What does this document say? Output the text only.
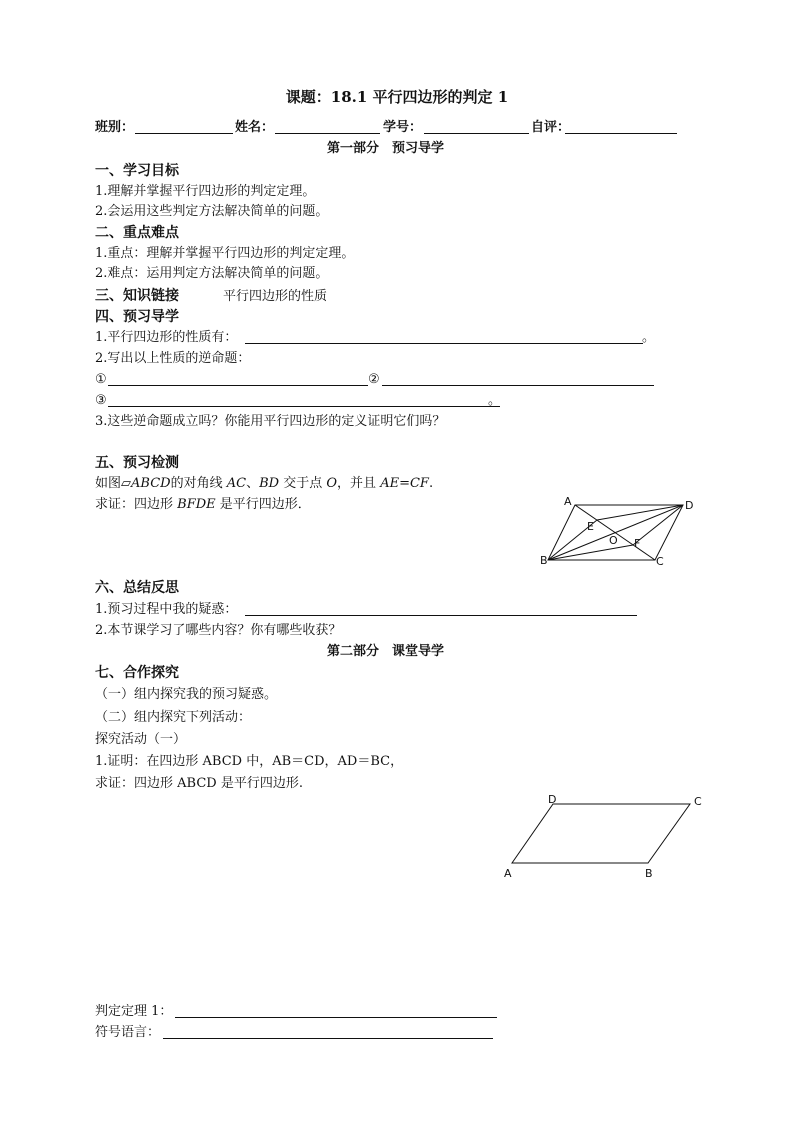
课题：18.1 平行四边形的判定 1
班别：	姓名：	学号：	自评：
第一部分　预习导学
一、学习目标
1.理解并掌握平行四边形的判定定理。
2.会运用这些判定方法解决简单的问题。
二、重点难点
1.重点：理解并掌握平行四边形的判定定理。
2.难点：运用判定方法解决简单的问题。
三、知识链接	平行四边形的性质
四、预习导学
1.平行四边形的性质有：	。
2.写出以上性质的逆命题：
①	②
③	。
3.这些逆命题成立吗？你能用平行四边形的定义证明它们吗？
五、预习检测
如图▱ABCD的对角线 AC、BD 交于点 O，并且 AE=CF.
求证：四边形 BFDE 是平行四边形．	A	D
E
O F
B	C
六、总结反思
1.预习过程中我的疑惑：
2.本节课学习了哪些内容？你有哪些收获？
第二部分　课堂导学
七、合作探究
（一）组内探究我的预习疑惑。
（二）组内探究下列活动：
探究活动（一）
1.证明：在四边形 ABCD 中，AB＝CD，AD＝BC，
求证：四边形 ABCD 是平行四边形.
D	C
A	B
判定定理 1：
符号语言：
